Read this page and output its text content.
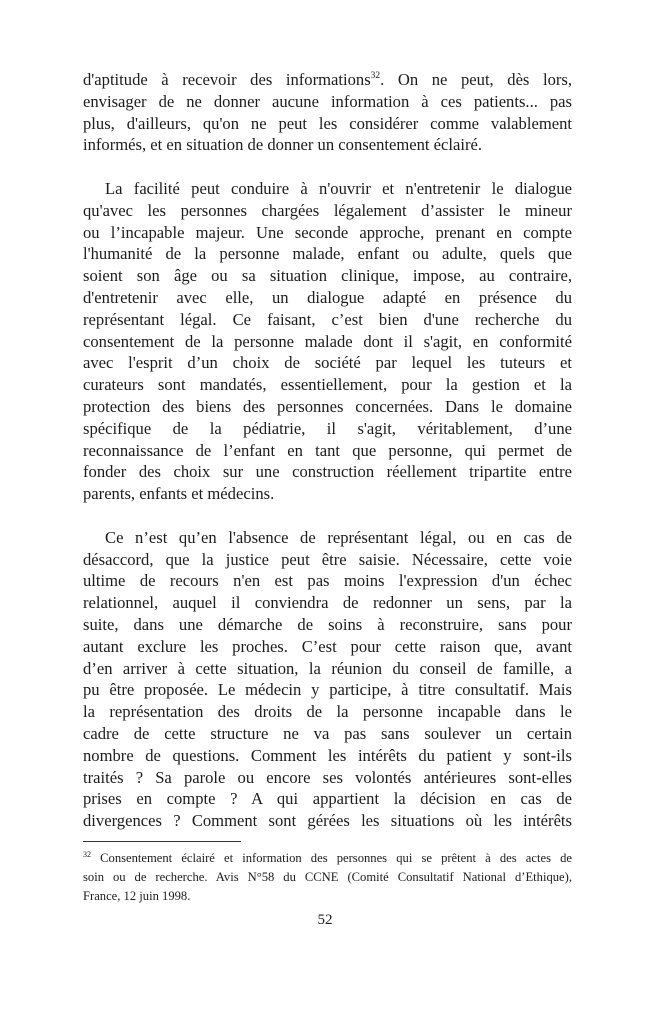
d'aptitude à recevoir des informations$^{32}$. On ne peut, dès lors,
envisager de ne donner aucune information à ces patients... pas
plus, d'ailleurs, qu'on ne peut les considérer comme valablement
informés, et en situation de donner un consentement éclairé.
La facilité peut conduire à n'ouvrir et n'entretenir le dialogue
qu'avec les personnes chargées légalement d’assister le mineur
ou l’incapable majeur. Une seconde approche, prenant en compte
l'humanité de la personne malade, enfant ou adulte, quels que
soient son âge ou sa situation clinique, impose, au contraire,
d'entretenir avec elle, un dialogue adapté en présence du
représentant légal. Ce faisant, c’est bien d'une recherche du
consentement de la personne malade dont il s'agit, en conformité
avec l'esprit d’un choix de société par lequel les tuteurs et
curateurs sont mandatés, essentiellement, pour la gestion et la
protection des biens des personnes concernées. Dans le domaine
spécifique de la pédiatrie, il s'agit, véritablement, d’une
reconnaissance de l’enfant en tant que personne, qui permet de
fonder des choix sur une construction réellement tripartite entre
parents, enfants et médecins.
Ce n’est qu’en l'absence de représentant légal, ou en cas de
désaccord, que la justice peut être saisie. Nécessaire, cette voie
ultime de recours n'en est pas moins l'expression d'un échec
relationnel, auquel il conviendra de redonner un sens, par la
suite, dans une démarche de soins à reconstruire, sans pour
autant exclure les proches. C’est pour cette raison que, avant
d’en arriver à cette situation, la réunion du conseil de famille, a
pu être proposée. Le médecin y participe, à titre consultatif. Mais
la représentation des droits de la personne incapable dans le
cadre de cette structure ne va pas sans soulever un certain
nombre de questions. Comment les intérêts du patient y sont-ils
traités ? Sa parole ou encore ses volontés antérieures sont-elles
prises en compte ? A qui appartient la décision en cas de
divergences ? Comment sont gérées les situations où les intérêts
$^{32}$ Consentement éclairé et information des personnes qui se prêtent à des actes de
soin ou de recherche. Avis N°58 du CCNE (Comité Consultatif National d’Ethique),
France, 12 juin 1998.
52
